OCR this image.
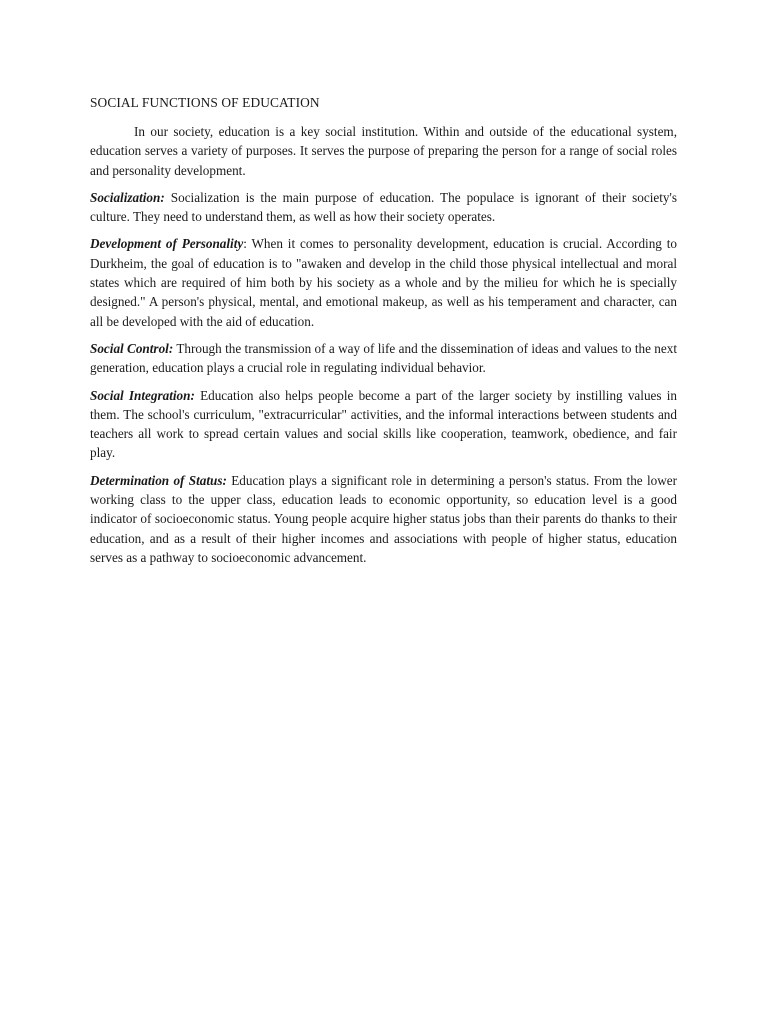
SOCIAL FUNCTIONS OF EDUCATION

In our society, education is a key social institution. Within and outside of the educational system, education serves a variety of purposes. It serves the purpose of preparing the person for a range of social roles and personality development.

Socialization: Socialization is the main purpose of education. The populace is ignorant of their society's culture. They need to understand them, as well as how their society operates.

Development of Personality: When it comes to personality development, education is crucial. According to Durkheim, the goal of education is to "awaken and develop in the child those physical intellectual and moral states which are required of him both by his society as a whole and by the milieu for which he is specially designed." A person's physical, mental, and emotional makeup, as well as his temperament and character, can all be developed with the aid of education.

Social Control: Through the transmission of a way of life and the dissemination of ideas and values to the next generation, education plays a crucial role in regulating individual behavior.

Social Integration: Education also helps people become a part of the larger society by instilling values in them. The school's curriculum, "extracurricular" activities, and the informal interactions between students and teachers all work to spread certain values and social skills like cooperation, teamwork, obedience, and fair play.

Determination of Status: Education plays a significant role in determining a person's status. From the lower working class to the upper class, education leads to economic opportunity, so education level is a good indicator of socioeconomic status. Young people acquire higher status jobs than their parents do thanks to their education, and as a result of their higher incomes and associations with people of higher status, education serves as a pathway to socioeconomic advancement.
